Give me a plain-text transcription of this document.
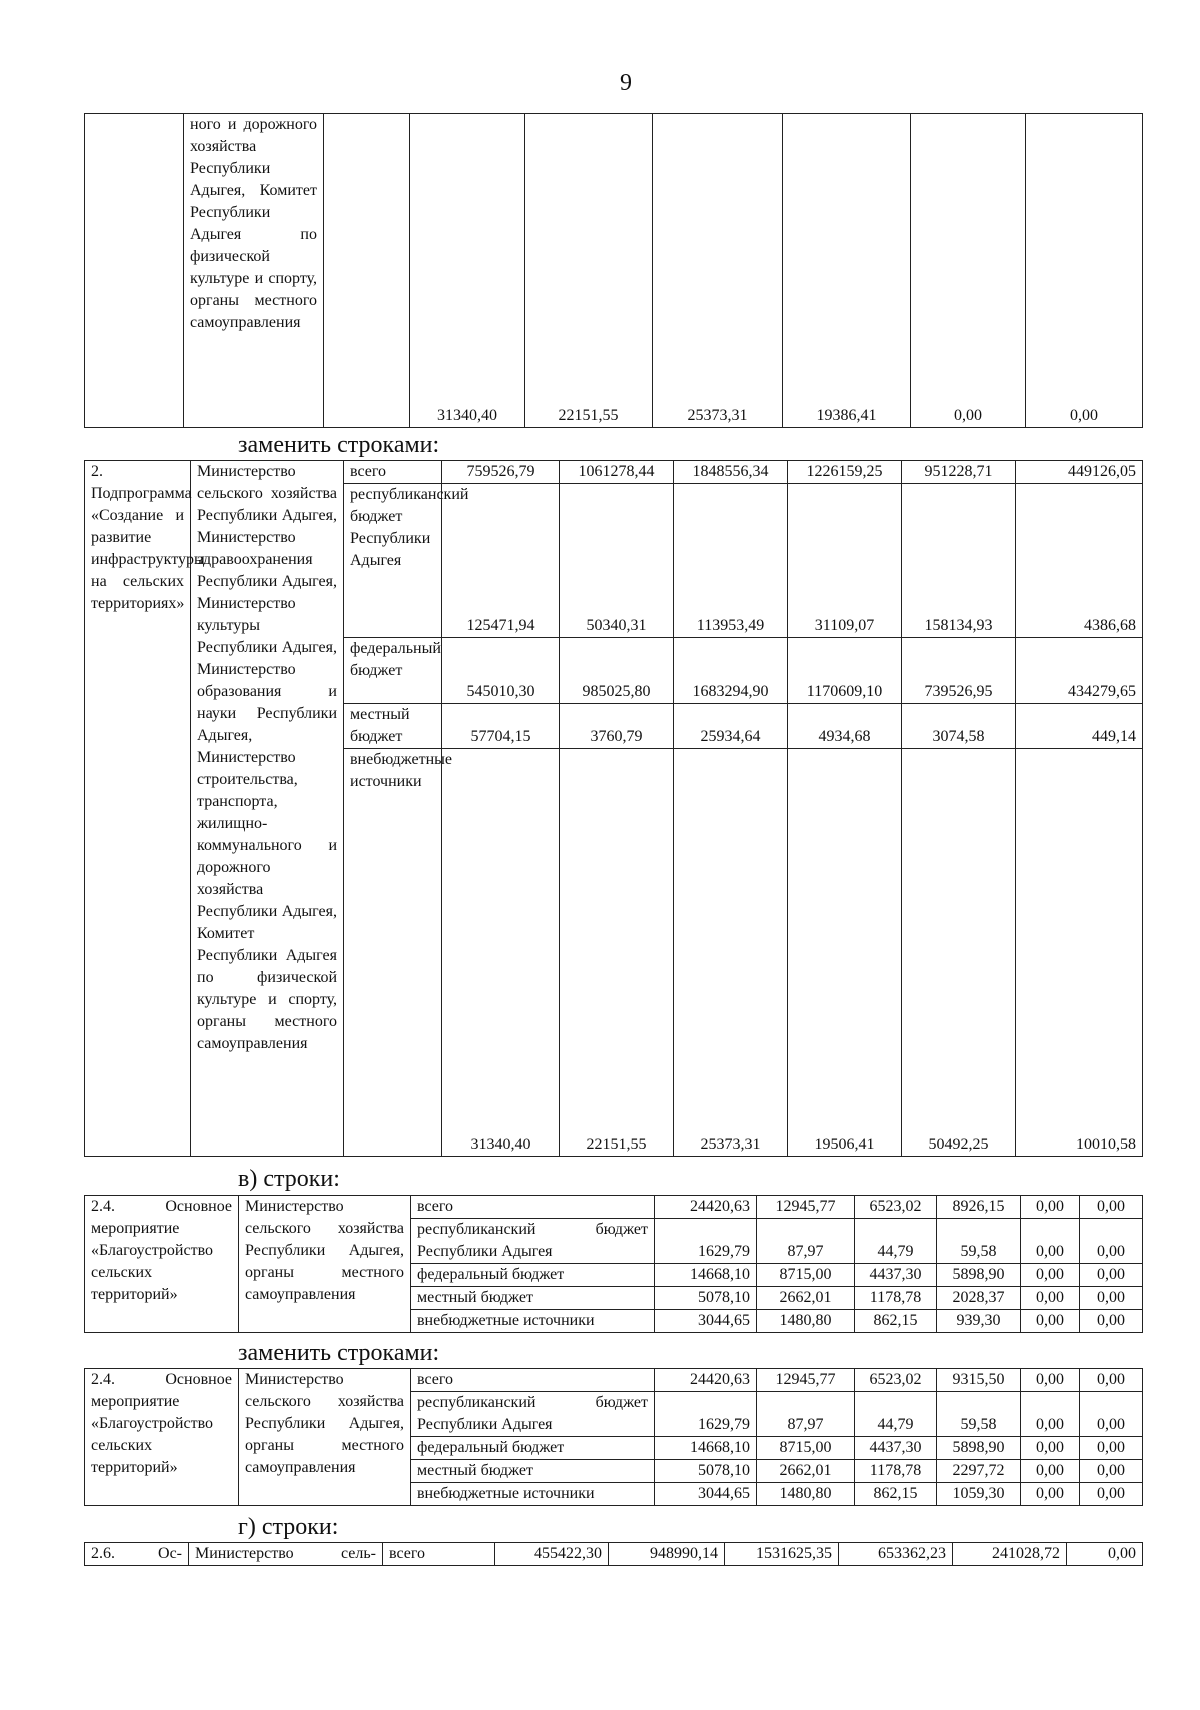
9
	ного и дорожного хозяйства Республики Адыгея, Комитет Республики Адыгея по физической культуре и спорту, органы местного самоуправления		31340,40	22151,55	25373,31	19386,41	0,00	0,00
заменить строками:
2. Подпрограмма «Создание и развитие инфраструктуры на сельских территориях»	Министерство сельского хозяйства Республики Адыгея, Министерство здравоохранения Республики Адыгея, Министерство культуры Республики Адыгея, Министерство образования и науки Республики Адыгея, Министерство строительства, транспорта, жилищно-коммунального и дорожного хозяйства Республики Адыгея, Комитет Республики Адыгея по физической культуре и спорту, органы местного самоуправления	всего	759526,79	1061278,44	1848556,34	1226159,25	951228,71	449126,05
		республиканский бюджет Республики Адыгея	125471,94	50340,31	113953,49	31109,07	158134,93	4386,68
		федеральный бюджет	545010,30	985025,80	1683294,90	1170609,10	739526,95	434279,65
		местный бюджет	57704,15	3760,79	25934,64	4934,68	3074,58	449,14
		внебюджетные источники	31340,40	22151,55	25373,31	19506,41	50492,25	10010,58
в) строки:
2.4. Основное мероприятие «Благоустройство сельских территорий»	Министерство сельского хозяйства Республики Адыгея, органы местного самоуправления	всего	24420,63	12945,77	6523,02	8926,15	0,00	0,00
		республиканский бюджет Республики Адыгея	1629,79	87,97	44,79	59,58	0,00	0,00
		федеральный бюджет	14668,10	8715,00	4437,30	5898,90	0,00	0,00
		местный бюджет	5078,10	2662,01	1178,78	2028,37	0,00	0,00
		внебюджетные источники	3044,65	1480,80	862,15	939,30	0,00	0,00
заменить строками:
2.4. Основное мероприятие «Благоустройство сельских территорий»	Министерство сельского хозяйства Республики Адыгея, органы местного самоуправления	всего	24420,63	12945,77	6523,02	9315,50	0,00	0,00
		республиканский бюджет Республики Адыгея	1629,79	87,97	44,79	59,58	0,00	0,00
		федеральный бюджет	14668,10	8715,00	4437,30	5898,90	0,00	0,00
		местный бюджет	5078,10	2662,01	1178,78	2297,72	0,00	0,00
		внебюджетные источники	3044,65	1480,80	862,15	1059,30	0,00	0,00
г) строки:
2.6. Ос-	Министерство сель-	всего	455422,30	948990,14	1531625,35	653362,23	241028,72	0,00
